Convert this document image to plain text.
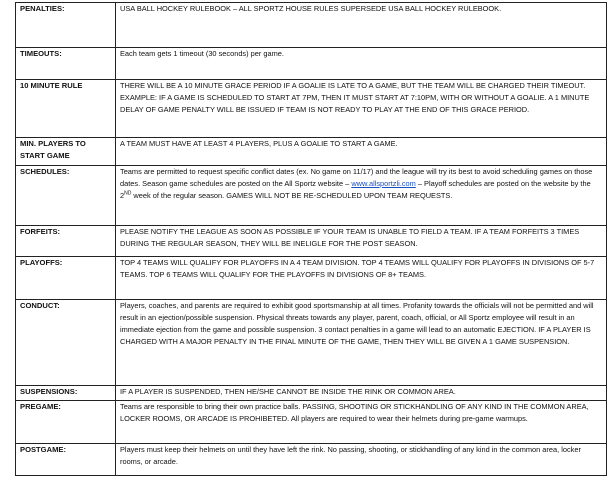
PENALTIES:	USA BALL HOCKEY RULEBOOK – ALL SPORTZ HOUSE RULES SUPERSEDE USA BALL HOCKEY RULEBOOK.
TIMEOUTS:	Each team gets 1 timeout (30 seconds) per game.
10 MINUTE RULE	THERE WILL BE A 10 MINUTE GRACE PERIOD IF A GOALIE IS LATE TO A GAME, BUT THE TEAM WILL BE CHARGED THEIR TIMEOUT. EXAMPLE: IF A GAME IS SCHEDULED TO START AT 7PM, THEN IT MUST START AT 7:10PM, WITH OR WITHOUT A GOALIE. A 1 MINUTE DELAY OF GAME PENALTY WILL BE ISSUED IF TEAM IS NOT READY TO PLAY AT THE END OF THIS GRACE PERIOD.
MIN. PLAYERS TO START GAME	A TEAM MUST HAVE AT LEAST 4 PLAYERS, PLUS A GOALIE TO START A GAME.
SCHEDULES:	Teams are permitted to request specific conflict dates (ex. No game on 11/17) and the league will try its best to avoid scheduling games on those dates. Season game schedules are posted on the All Sportz website – www.allsportzli.com – Playoff schedules are posted on the website by the 2ND week of the regular season. GAMES WILL NOT BE RE-SCHEDULED UPON TEAM REQUESTS.
FORFEITS:	PLEASE NOTIFY THE LEAGUE AS SOON AS POSSIBLE IF YOUR TEAM IS UNABLE TO FIELD A TEAM. IF A TEAM FORFEITS 3 TIMES DURING THE REGULAR SEASON, THEY WILL BE INELIGLE FOR THE POST SEASON.
PLAYOFFS:	TOP 4 TEAMS WILL QUALIFY FOR PLAYOFFS IN A 4 TEAM DIVISION. TOP 4 TEAMS WILL QUALIFY FOR PLAYOFFS IN DIVISIONS OF 5-7 TEAMS. TOP 6 TEAMS WILL QUALIFY FOR THE PLAYOFFS IN DIVISIONS OF 8+ TEAMS.
CONDUCT:	Players, coaches, and parents are required to exhibit good sportsmanship at all times. Profanity towards the officials will not be permitted and will result in an ejection/possible suspension. Physical threats towards any player, parent, coach, official, or All Sportz employee will result in an immediate ejection from the game and possible suspension. 3 contact penalties in a game will lead to an automatic EJECTION. IF A PLAYER IS CHARGED WITH A MAJOR PENALTY IN THE FINAL MINUTE OF THE GAME, THEN THEY WILL BE GIVEN A 1 GAME SUSPENSION.
SUSPENSIONS:	IF A PLAYER IS SUSPENDED, THEN HE/SHE CANNOT BE INSIDE THE RINK OR COMMON AREA.
PREGAME:	Teams are responsible to bring their own practice balls. PASSING, SHOOTING OR STICKHANDLING OF ANY KIND IN THE COMMON AREA, LOCKER ROOMS, OR ARCADE IS PROHIBETED. All players are required to wear their helmets during pre-game warmups.
POSTGAME:	Players must keep their helmets on until they have left the rink. No passing, shooting, or stickhandling of any kind in the common area, locker rooms, or arcade.
